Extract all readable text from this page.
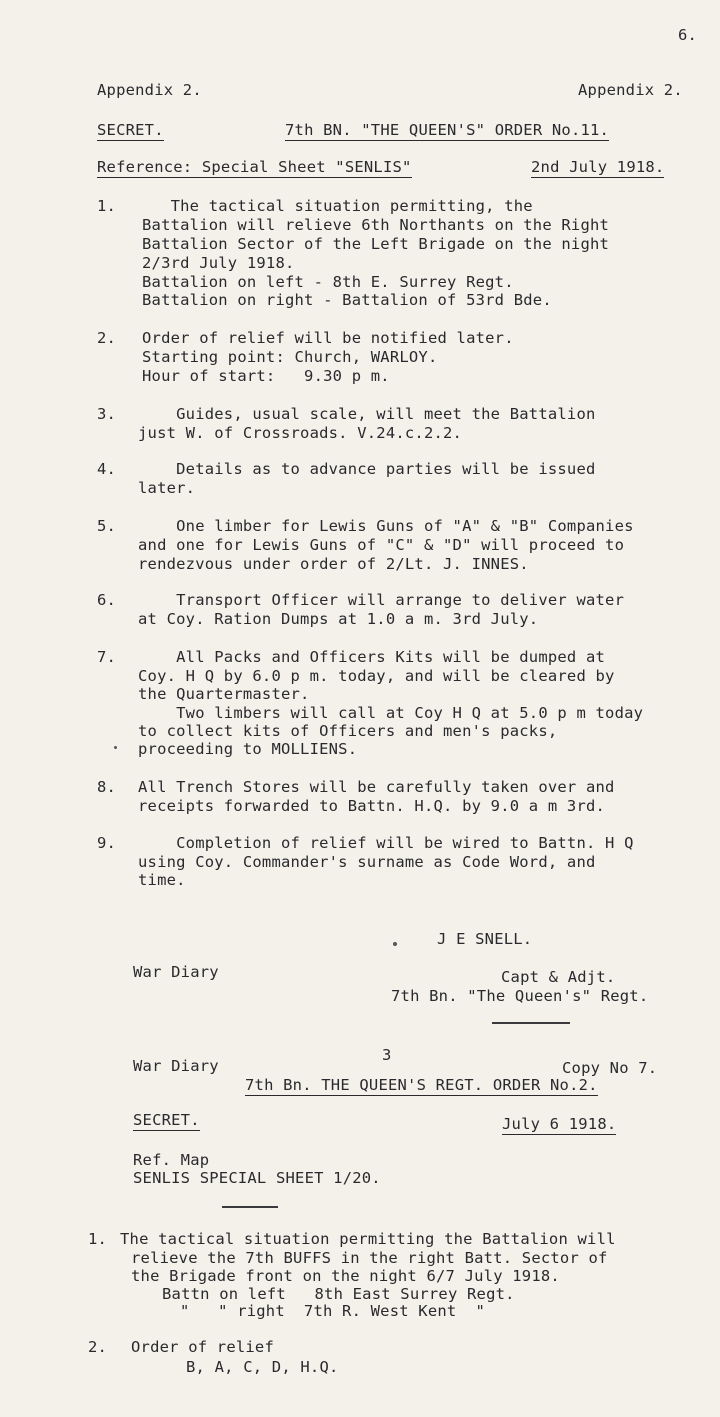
6.
Appendix 2.	Appendix 2.
SECRET.	7th BN. "THE QUEEN'S" ORDER No.11.
Reference: Special Sheet "SENLIS"	2nd July 1918.
1. The tactical situation permitting, the
Battalion will relieve 6th Northants on the Right
Battalion Sector of the Left Brigade on the night
2/3rd July 1918.
Battalion on left - 8th E. Surrey Regt.
Battalion on right - Battalion of 53rd Bde.
2. Order of relief will be notified later.
Starting point: Church, WARLOY.
Hour of start:   9.30 p m.
3. Guides, usual scale, will meet the Battalion
just W. of Crossroads. V.24.c.2.2.
4. Details as to advance parties will be issued
later.
5. One limber for Lewis Guns of "A" & "B" Companies
and one for Lewis Guns of "C" & "D" will proceed to
rendezvous under order of 2/Lt. J. INNES.
6. Transport Officer will arrange to deliver water
at Coy. Ration Dumps at 1.0 a m. 3rd July.
7. All Packs and Officers Kits will be dumped at
Coy. H Q by 6.0 p m. today, and will be cleared by
the Quartermaster.
Two limbers will call at Coy H Q at 5.0 p m today
to collect kits of Officers and men's packs,
proceeding to MOLLIENS.
8. All Trench Stores will be carefully taken over and
receipts forwarded to Battn. H.Q. by 9.0 a m 3rd.
9. Completion of relief will be wired to Battn. H Q
using Coy. Commander's surname as Code Word, and
time.
J E SNELL.
War Diary	Capt & Adjt.
7th Bn. "The Queen's" Regt.
3
War Diary	Copy No 7.
7th Bn. THE QUEEN'S REGT. ORDER No.2.
SECRET.	July 6 1918.
Ref. Map
SENLIS SPECIAL SHEET 1/20.
1. The tactical situation permitting the Battalion will
relieve the 7th BUFFS in the right Batt. Sector of
the Brigade front on the night 6/7 July 1918.
Battn on left   8th East Surrey Regt.
"   " right  7th R. West Kent  "
2. Order of relief
B, A, C, D, H.Q.
